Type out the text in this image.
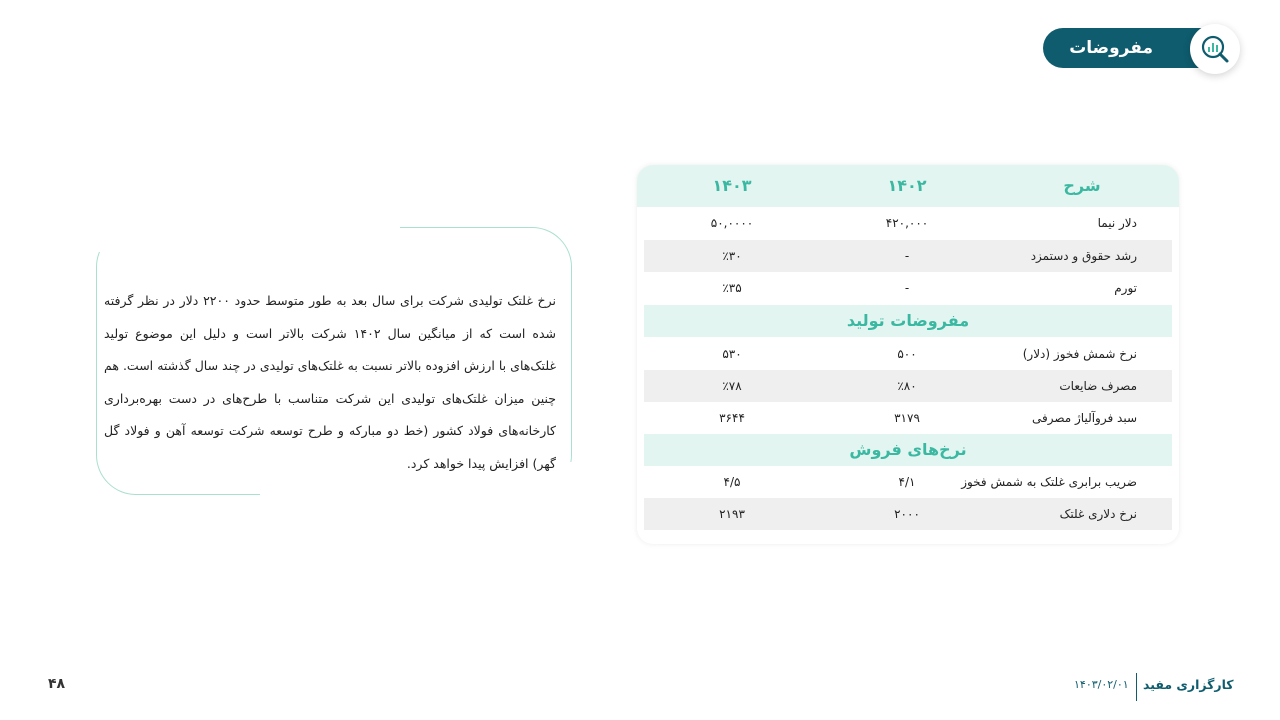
مفروضات

نرخ غلتک تولیدی شرکت برای سال بعد به طور متوسط حدود ۲۲۰۰ دلار در نظر گرفته شده است که از میانگین سال ۱۴۰۲ شرکت بالاتر است و دلیل این موضوع تولید غلتک‌های با ارزش افزوده بالاتر نسبت به غلتک‌های تولیدی در چند سال گذشته است. هم چنین میزان غلتک‌های تولیدی این شرکت متناسب با طرح‌های در دست بهره‌برداری کارخانه‌های فولاد کشور (خط دو مبارکه و طرح توسعه شرکت توسعه آهن و فولاد گل گهر) افزایش پیدا خواهد کرد.

شرح
۱۴۰۲
۱۴۰۳
دلار نیما
۴۲۰,۰۰۰
۵۰,۰۰۰۰
رشد حقوق و دستمزد
-
٪۳۰
تورم
-
٪۳۵
مفروضات تولید
نرخ شمش فخوز (دلار)
۵۰۰
۵۳۰
مصرف ضایعات
٪۸۰
٪۷۸
سبد فروآلیاژ مصرفی
۳۱۷۹
۳۶۴۴
نرخ‌های فروش
ضریب برابری غلتک به شمش فخوز
۴/۱
۴/۵
نرخ دلاری غلتک
۲۰۰۰
۲۱۹۳
۴۸	۱۴۰۳/۰۲/۰۱ کارگزاری مفید
